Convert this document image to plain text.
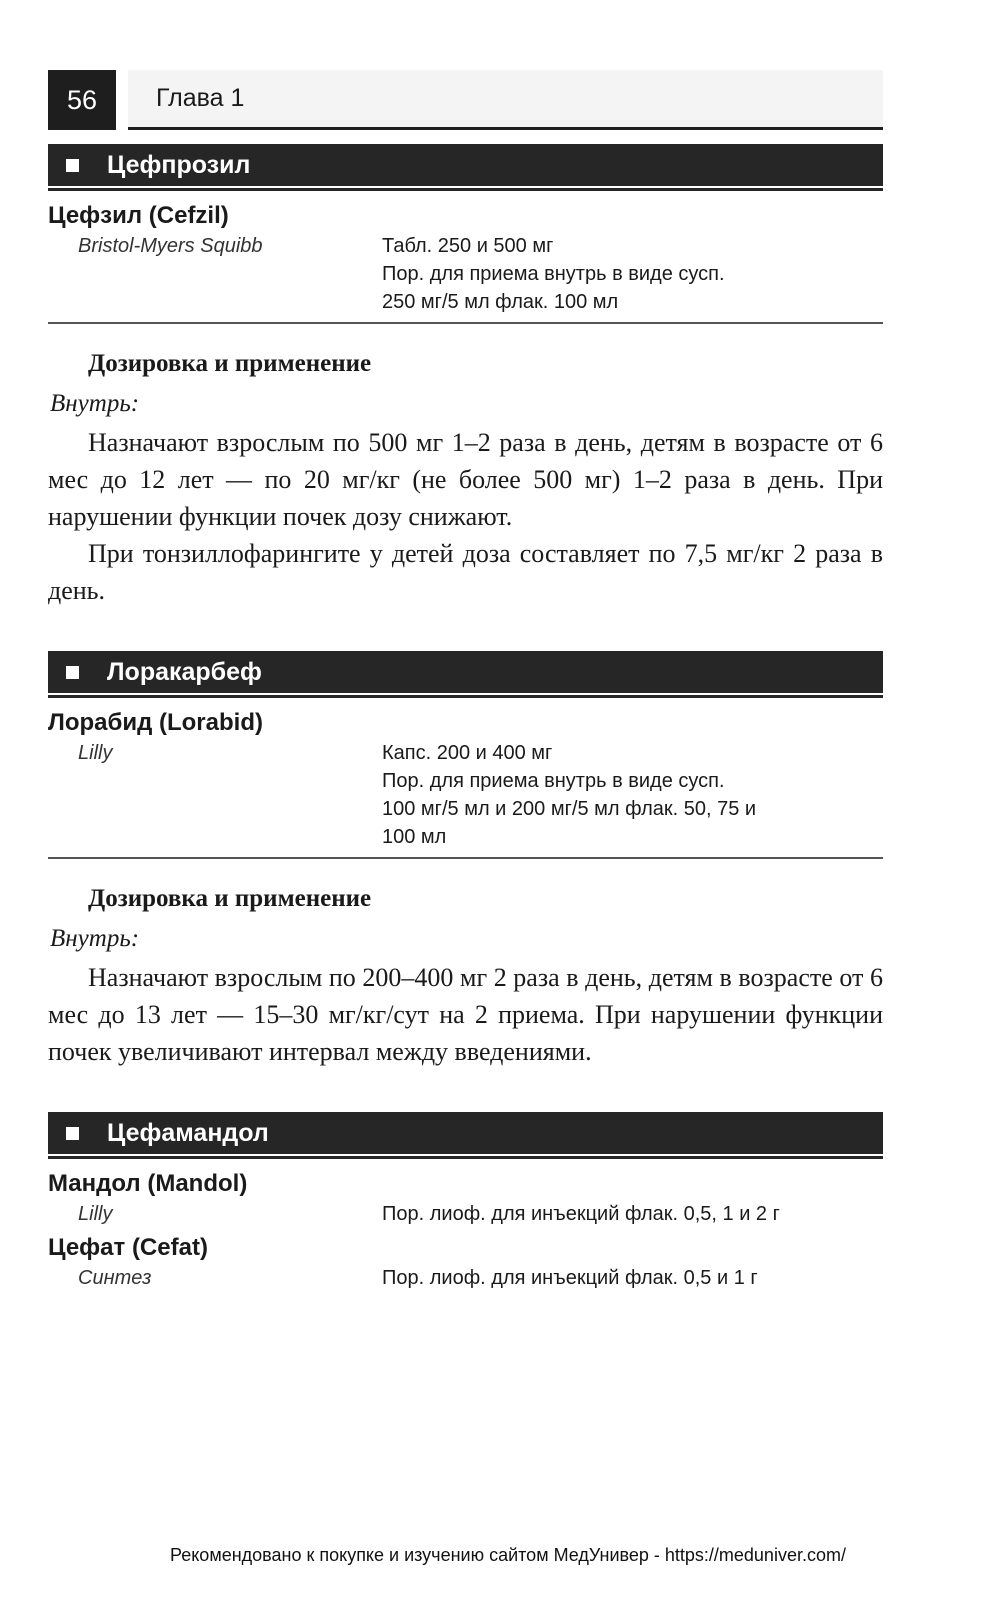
56	Глава 1
Цефпрозил
Цефзил (Cefzil)
Bristol-Myers Squibb	Табл. 250 и 500 мг
Пор. для приема внутрь в виде сусп.
250 мг/5 мл флак. 100 мл
Дозировка и применение
Внутрь:

Назначают взрослым по 500 мг 1–2 раза в день, детям в возрасте от 6 мес до 12 лет — по 20 мг/кг (не более 500 мг) 1–2 раза в день. При нарушении функции почек дозу снижают.

При тонзиллофарингите у детей доза составляет по 7,5 мг/кг 2 раза в день.

Лоракарбеф
Лорабид (Lorabid)
Lilly	Капс. 200 и 400 мг
Пор. для приема внутрь в виде сусп.
100 мг/5 мл и 200 мг/5 мл флак. 50, 75 и
100 мл
Дозировка и применение
Внутрь:

Назначают взрослым по 200–400 мг 2 раза в день, детям в возрасте от 6 мес до 13 лет — 15–30 мг/кг/сут на 2 приема. При нарушении функции почек увеличивают интервал между введениями.

Цефамандол
Мандол (Mandol)
Lilly	Пор. лиоф. для инъекций флак. 0,5, 1 и 2 г
Цефат (Cefat)
Синтез	Пор. лиоф. для инъекций флак. 0,5 и 1 г
Рекомендовано к покупке и изучению сайтом МедУнивер - https://meduniver.com/
